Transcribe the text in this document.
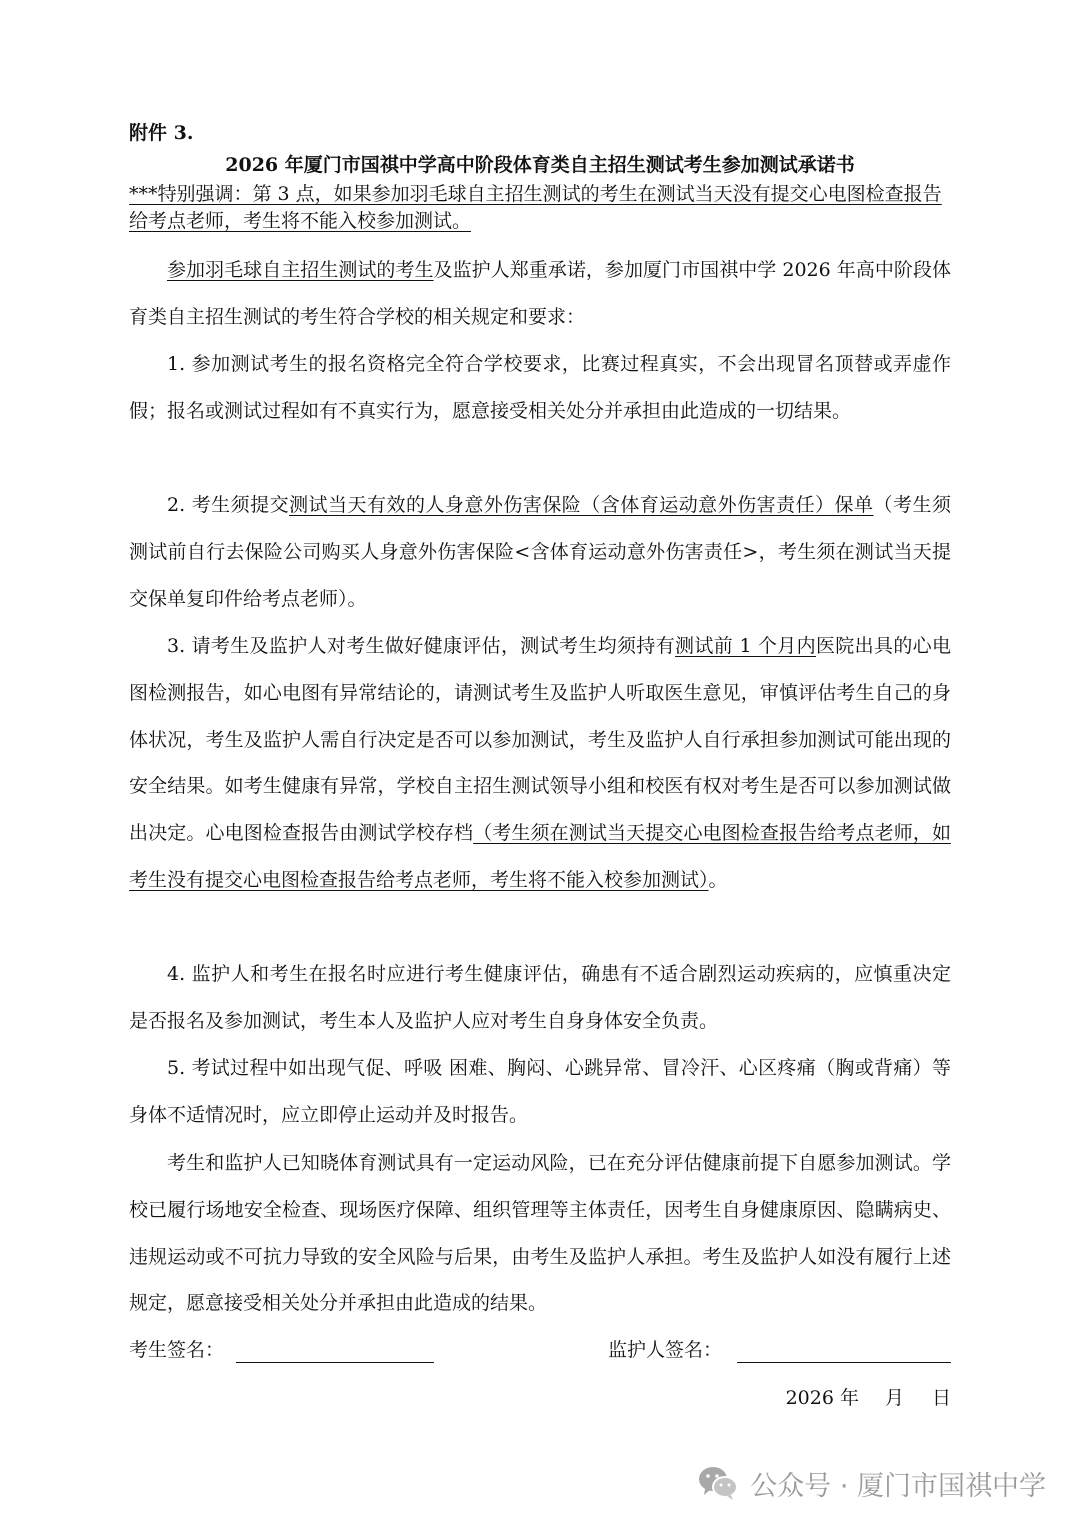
附件 3.
2026 年厦门市国祺中学高中阶段体育类自主招生测试考生参加测试承诺书
***特别强调：第 3 点，如果参加羽毛球自主招生测试的考生在测试当天没有提交心电图检查报告给考点老师，考生将不能入校参加测试。
参加羽毛球自主招生测试的考生及监护人郑重承诺，参加厦门市国祺中学 2026 年高中阶段体育类自主招生测试的考生符合学校的相关规定和要求：
1. 参加测试考生的报名资格完全符合学校要求，比赛过程真实，不会出现冒名顶替或弄虚作假；报名或测试过程如有不真实行为，愿意接受相关处分并承担由此造成的一切结果。
2. 考生须提交测试当天有效的人身意外伤害保险（含体育运动意外伤害责任）保单（考生须测试前自行去保险公司购买人身意外伤害保险<含体育运动意外伤害责任>，考生须在测试当天提交保单复印件给考点老师）。
3. 请考生及监护人对考生做好健康评估，测试考生均须持有测试前 1 个月内医院出具的心电图检测报告，如心电图有异常结论的，请测试考生及监护人听取医生意见，审慎评估考生自己的身体状况，考生及监护人需自行决定是否可以参加测试，考生及监护人自行承担参加测试可能出现的安全结果。如考生健康有异常，学校自主招生测试领导小组和校医有权对考生是否可以参加测试做出决定。心电图检查报告由测试学校存档（考生须在测试当天提交心电图检查报告给考点老师，如考生没有提交心电图检查报告给考点老师，考生将不能入校参加测试）。
4. 监护人和考生在报名时应进行考生健康评估，确患有不适合剧烈运动疾病的，应慎重决定是否报名及参加测试，考生本人及监护人应对考生自身身体安全负责。
5. 考试过程中如出现气促、呼吸 困难、胸闷、心跳异常、冒冷汗、心区疼痛（胸或背痛）等身体不适情况时，应立即停止运动并及时报告。
考生和监护人已知晓体育测试具有一定运动风险，已在充分评估健康前提下自愿参加测试。学校已履行场地安全检查、现场医疗保障、组织管理等主体责任，因考生自身健康原因、隐瞒病史、违规运动或不可抗力导致的安全风险与后果，由考生及监护人承担。考生及监护人如没有履行上述规定，愿意接受相关处分并承担由此造成的结果。
考生签名：	监护人签名：
2026 年 月 日
公众号 · 厦门市国祺中学
